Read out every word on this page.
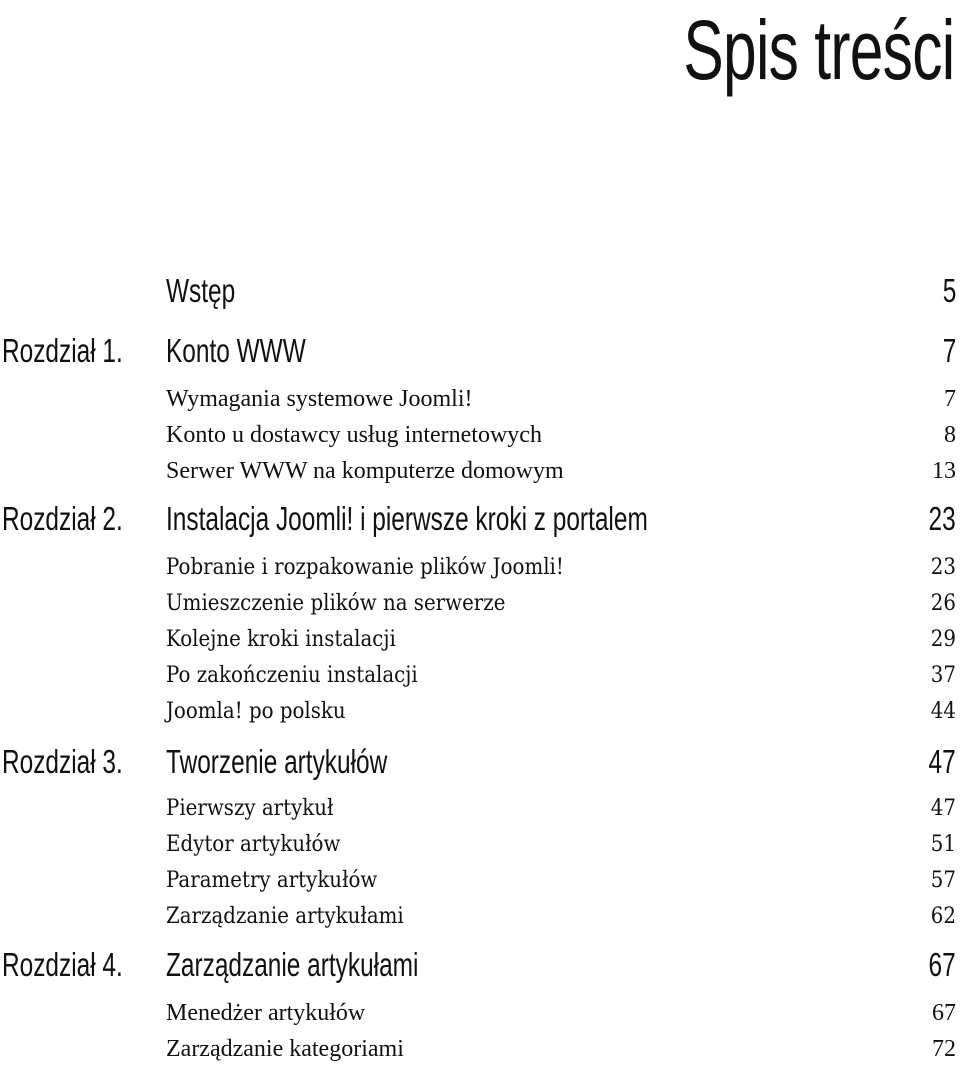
Spis treści
Wstęp	5
Rozdział 1. Konto WWW	7
Wymagania systemowe Joomli!	7
Konto u dostawcy usług internetowych	8
Serwer WWW na komputerze domowym	13
Rozdział 2. Instalacja Joomli! i pierwsze kroki z portalem	23
Pobranie i rozpakowanie plików Joomli!	23
Umieszczenie plików na serwerze	26
Kolejne kroki instalacji	29
Po zakończeniu instalacji	37
Joomla! po polsku	44
Rozdział 3. Tworzenie artykułów	47
Pierwszy artykuł	47
Edytor artykułów	51
Parametry artykułów	57
Zarządzanie artykułami	62
Rozdział 4. Zarządzanie artykułami	67
Menedżer artykułów	67
Zarządzanie kategoriami	72
